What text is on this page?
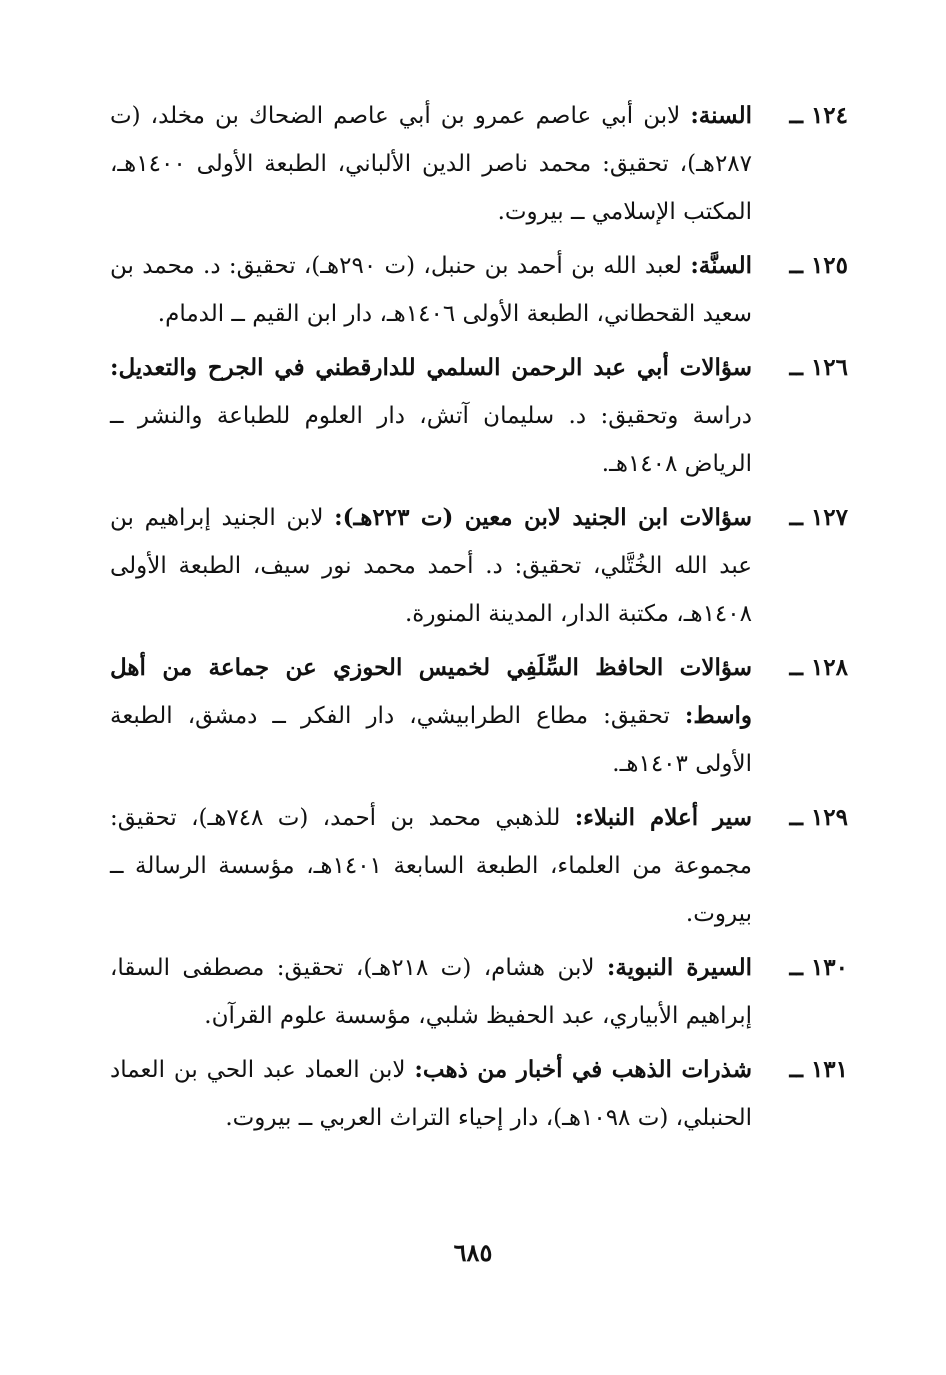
١٢٤ ــ
السنة: لابن أبي عاصم عمرو بن أبي عاصم الضحاك بن مخلد، (ت ٢٨٧هـ)، تحقيق: محمد ناصر الدين الألباني، الطبعة الأولى ١٤٠٠هـ، المكتب الإسلامي ــ بيروت.
١٢٥ ــ
السنَّة: لعبد الله بن أحمد بن حنبل، (ت ٢٩٠هـ)، تحقيق: د. محمد بن سعيد القحطاني، الطبعة الأولى ١٤٠٦هـ، دار ابن القيم ــ الدمام.
١٢٦ ــ
سؤالات أبي عبد الرحمن السلمي للدارقطني في الجرح والتعديل: دراسة وتحقيق: د. سليمان آتش، دار العلوم للطباعة والنشر ــ الرياض ١٤٠٨هـ.
١٢٧ ــ
سؤالات ابن الجنيد لابن معين (ت ٢٢٣هـ): لابن الجنيد إبراهيم بن عبد الله الخُتَّلي، تحقيق: د. أحمد محمد نور سيف، الطبعة الأولى ١٤٠٨هـ، مكتبة الدار، المدينة المنورة.
١٢٨ ــ
سؤالات الحافظ السِّلَفِي لخميس الحوزي عن جماعة من أهل واسط: تحقيق: مطاع الطرابيشي، دار الفكر ــ دمشق، الطبعة الأولى ١٤٠٣هـ.
١٢٩ ــ
سير أعلام النبلاء: للذهبي محمد بن أحمد، (ت ٧٤٨هـ)، تحقيق: مجموعة من العلماء، الطبعة السابعة ١٤٠١هـ، مؤسسة الرسالة ــ بيروت.
١٣٠ ــ
السيرة النبوية: لابن هشام، (ت ٢١٨هـ)، تحقيق: مصطفى السقا، إبراهيم الأبياري، عبد الحفيظ شلبي، مؤسسة علوم القرآن.
١٣١ ــ
شذرات الذهب في أخبار من ذهب: لابن العماد عبد الحي بن العماد الحنبلي، (ت ١٠٩٨هـ)، دار إحياء التراث العربي ــ بيروت.
٦٨٥
